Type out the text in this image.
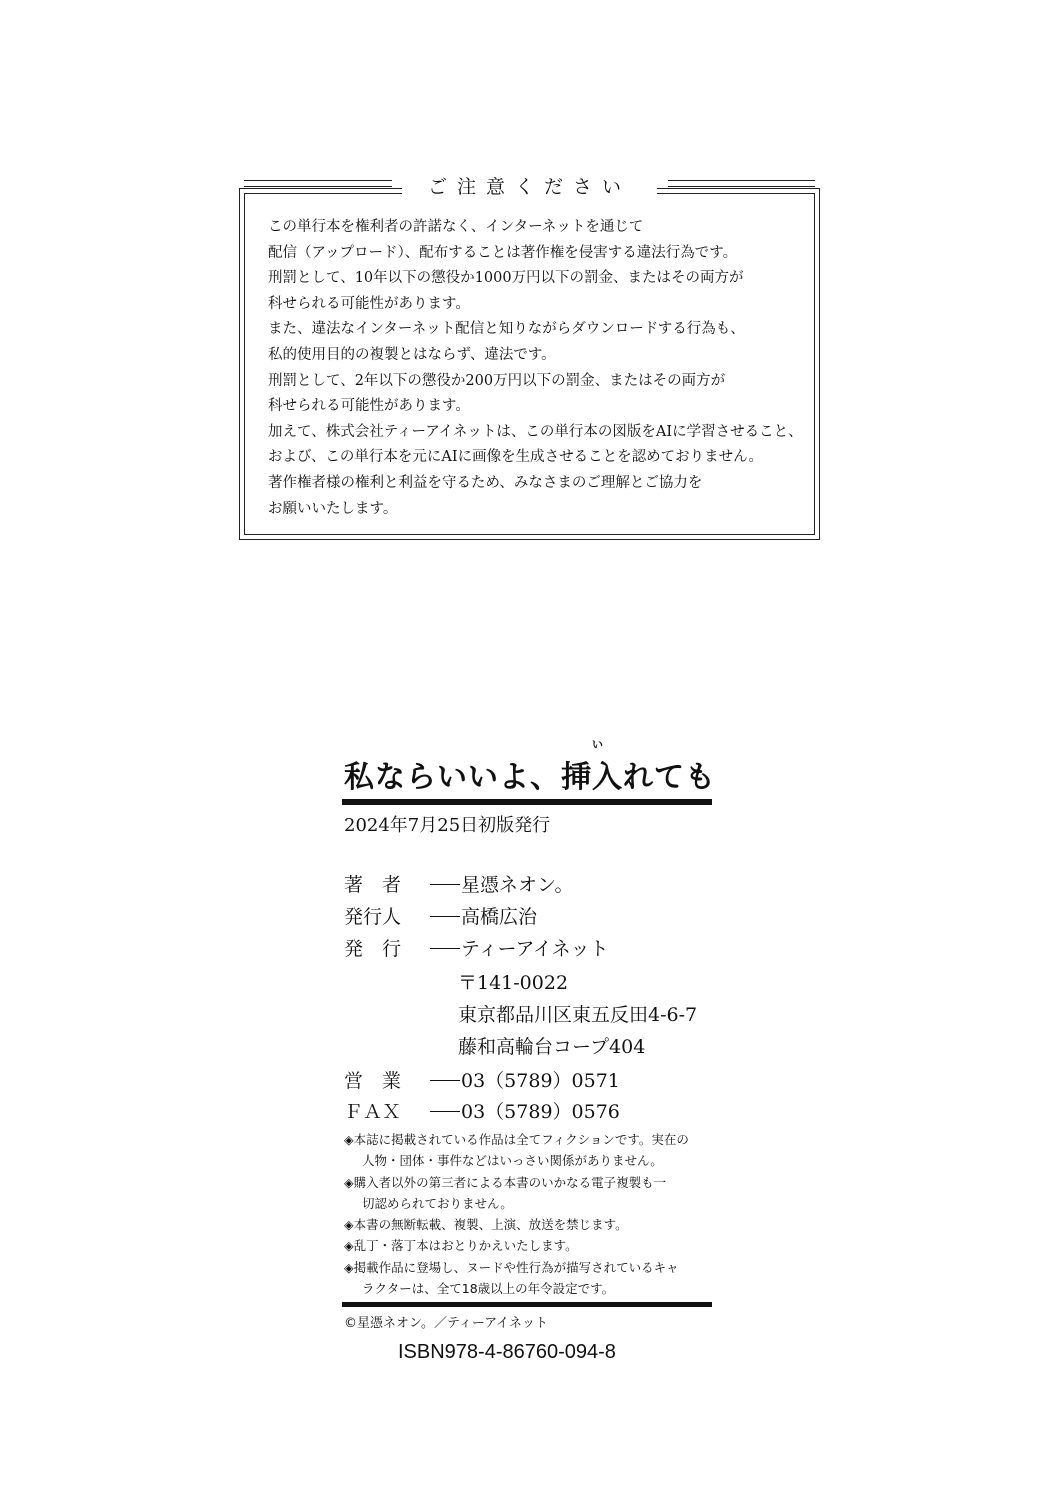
ご注意ください
この単行本を権利者の許諾なく、インターネットを通じて
配信（アップロード）、配布することは著作権を侵害する違法行為です。
刑罰として、10年以下の懲役か1000万円以下の罰金、またはその両方が
科せられる可能性があります。
また、違法なインターネット配信と知りながらダウンロードする行為も、
私的使用目的の複製とはならず、違法です。
刑罰として、2年以下の懲役か200万円以下の罰金、またはその両方が
科せられる可能性があります。
加えて、株式会社ティーアイネットは、この単行本の図版をAIに学習させること、
および、この単行本を元にAIに画像を生成させることを認めておりません。
著作権者様の権利と利益を守るため、みなさまのご理解とご協力を
お願いいたします。
い
私ならいいよ、挿入れても
2024年7月25日初版発行
著　者	星憑ネオン。
発行人	高橋広治
発　行	ティーアイネット
〒141-0022
東京都品川区東五反田4-6-7
藤和高輪台コープ404
営　業	03（5789）0571
ＦＡＸ	03（5789）0576
◈本誌に掲載されている作品は全てフィクションです。実在の
人物・団体・事件などはいっさい関係がありません。
◈購入者以外の第三者による本書のいかなる電子複製も一
切認められておりません。
◈本書の無断転載、複製、上演、放送を禁じます。
◈乱丁・落丁本はおとりかえいたします。
◈掲載作品に登場し、ヌードや性行為が描写されているキャ
ラクターは、全て18歳以上の年令設定です。
©星憑ネオン。／ティーアイネット
ISBN978-4-86760-094-8
